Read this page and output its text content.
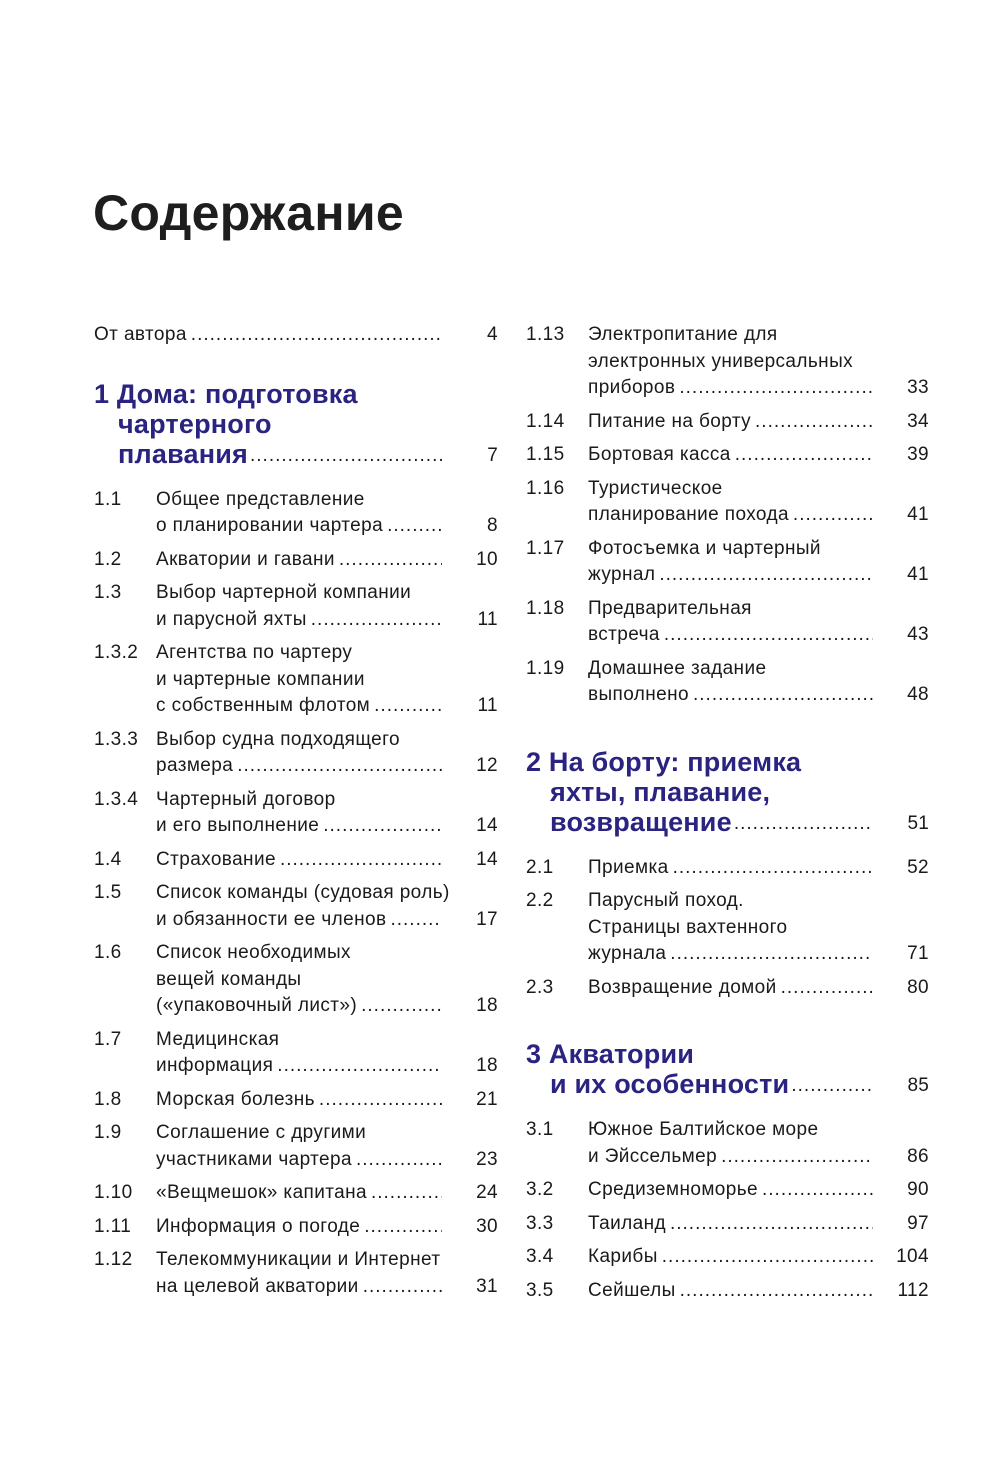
Содержание
От автора .....	4
1 Дома: подготовка
чартерного
плавания .....	7
1.1	Общее представление
о планировании чартера .....	8
1.2	Акватории и гавани .....	10
1.3	Выбор чартерной компании
и парусной яхты .....	11
1.3.2 Агентства по чартеру
и чартерные компании
с собственным флотом .....	11
1.3.3 Выбор судна подходящего
размера .....	12
1.3.4 Чартерный договор
и его выполнение .....	14
1.4	Страхование .....	14
1.5	Список команды (судовая роль)
и обязанности ее членов .....	17
1.6	Список необходимых
вещей команды
(«упаковочный лист») .....	18
1.7	Медицинская
информация .....	18
1.8	Морская болезнь .....	21
1.9	Соглашение с другими
участниками чартера .....	23
1.10	«Вещмешок» капитана .....	24
1.11	Информация о погоде .....	30
1.12	Телекоммуникации и Интернет
на целевой акватории .....	31
1.13	Электропитание для
электронных универсальных
приборов .....	33
1.14	Питание на борту .....	34
1.15	Бортовая касса .....	39
1.16	Туристическое
планирование похода .....	41
1.17	Фотосъемка и чартерный
журнал .....	41
1.18	Предварительная
встреча .....	43
1.19	Домашнее задание
выполнено .....	48
2 На борту: приемка
яхты, плавание,
возвращение .....	51
2.1	Приемка .....	52
2.2	Парусный поход.
Страницы вахтенного
журнала .....	71
2.3	Возвращение домой .....	80
3 Акватории
и их особенности .....	85
3.1	Южное Балтийское море
и Эйссельмер .....	86
3.2	Средиземноморье .....	90
3.3	Таиланд .....	97
3.4	Карибы .....	104
3.5	Сейшелы .....	112
